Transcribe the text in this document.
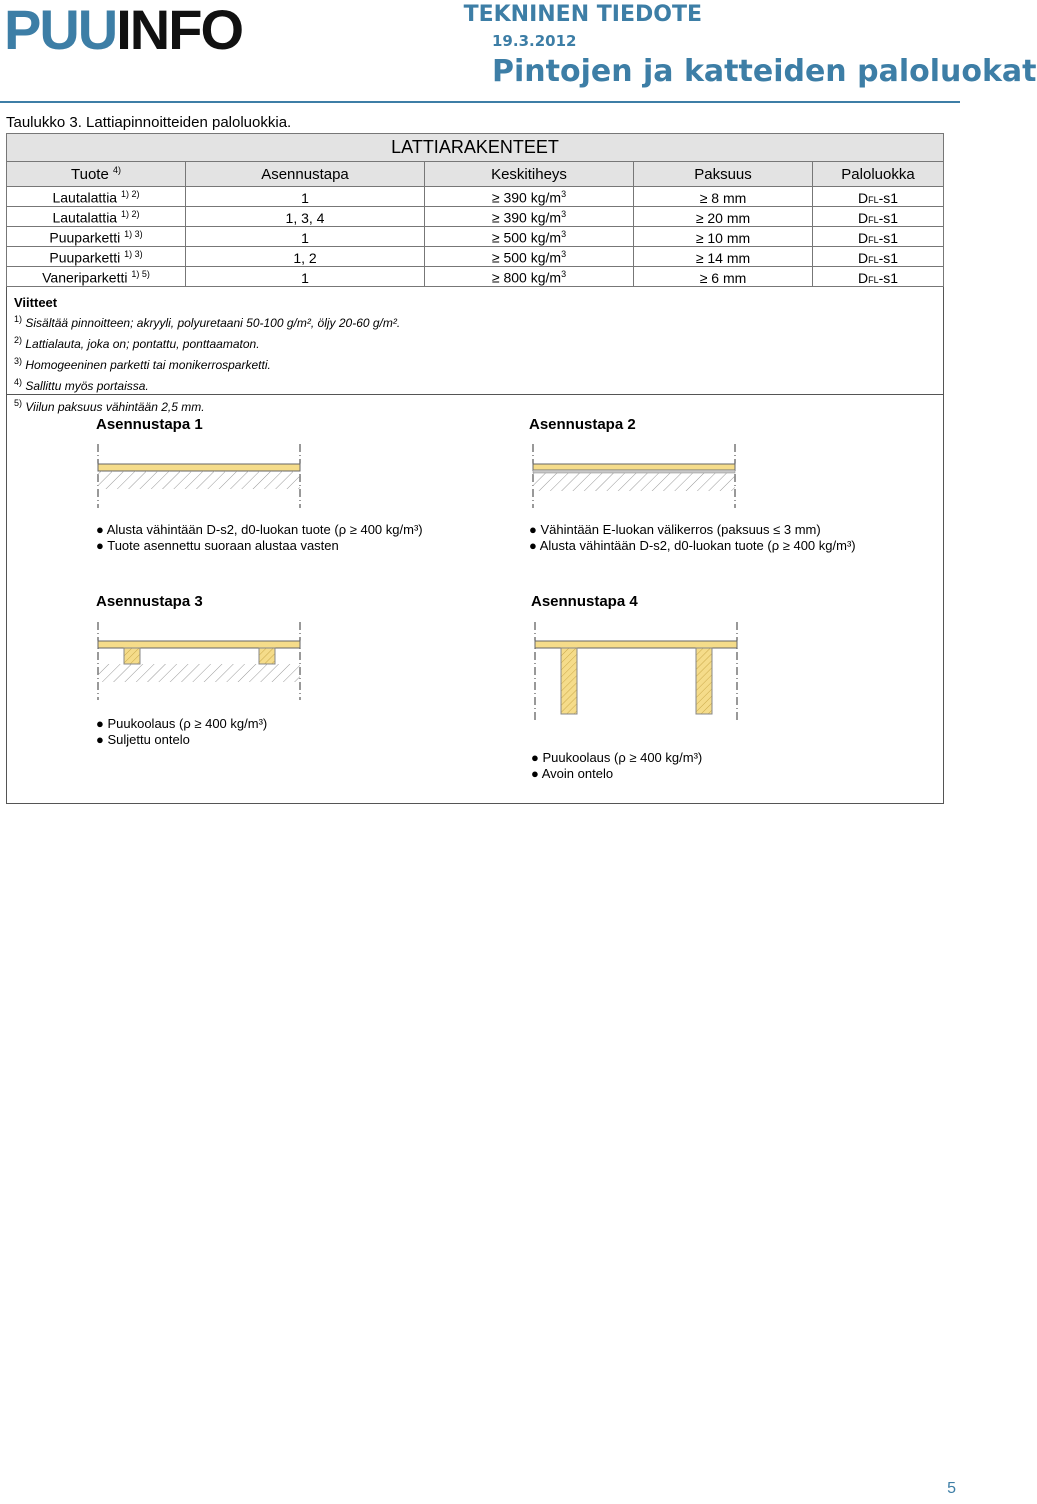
PUUINFO	TEKNINEN TIEDOTE
19.3.2012
Pintojen ja katteiden paloluokat
Taulukko 3. Lattiapinnoitteiden paloluokkia.
LATTIARAKENTEET				
Tuote $^{4)}$	Asennustapa	Keskitiheys	Paksuus	Paloluokka
Lautalattia $^{1) 2)}$	1	≥ 390 $kg/m^3$	≥ 8 mm	DFL-s1
Lautalattia $^{1) 2)}$	1, 3, 4	≥ 390 $kg/m^3$	≥ 20 mm	DFL-s1
Puuparketti $^{1) 3)}$	1	≥ 500 $kg/m^3$	≥ 10 mm	DFL-s1
Puuparketti $^{1) 3)}$	1, 2	≥ 500 $kg/m^3$	≥ 14 mm	DFL-s1
Vaneriparketti $^{1) 5)}$	1	≥ 800 $kg/m^3$	≥ 6 mm	DFL-s1
Viitteet
$^{1)}$ Sisältää pinnoitteen; akryyli, polyuretaani 50-100 g/m², öljy 20-60 g/m².
$^{2)}$ Lattialauta, joka on; pontattu, ponttaamaton.
$^{3)}$ Homogeeninen parketti tai monikerrosparketti.
$^{4)}$ Sallittu myös portaissa.
$^{5)}$ Viilun paksuus vähintään 2,5 mm.
Asennustapa 1
● Alusta vähintään D-s2, d0-luokan tuote (ρ ≥ 400 kg/m³)
● Tuote asennettu suoraan alustaa vasten
Asennustapa 2
● Vähintään E-luokan välikerros (paksuus ≤ 3 mm)
● Alusta vähintään D-s2, d0-luokan tuote (ρ ≥ 400 kg/m³)
Asennustapa 3
● Puukoolaus (ρ ≥ 400 kg/m³)
● Suljettu ontelo
Asennustapa 4
● Puukoolaus (ρ ≥ 400 kg/m³)
● Avoin ontelo
5
